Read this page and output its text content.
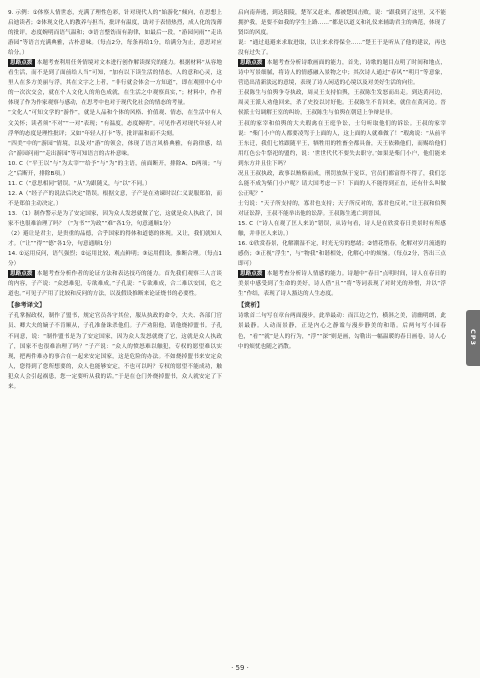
9. 示例：①体察人情世态，充满了理性色彩，针对现代人的“始游化”倾向，在思想上启迪读者；②体现文化人的教养与担当，批评有温度，助对于表情热烈，成人化的浅薄的批评，态度婉明而语气温和；③语言整饬而有韵律，如最后一段，“游园问雨”“走出游园”等语言充满典雅，古朴意味。（每点2分，每条再给1分，给满分为止，意思对应给分。）

思路点拨 本题考查利用任务情境对文本进行创作解读探究的能力。根据材料“从容地看生活，而不是到了面前给人当”可知，“加有以下读生活的情态，人的意和心灵，这里人在多方美丽与浮，其在文字之上者，“非行就会体会一方知道”，即在观照中心中的一次次交会，就在个人文化人的角色成就，在生活之中观察真实，”；材料中，作者体现了作为作家观察与感动，在思考中也对于现代化社会的情态的考量。

“文化人”可知文学的“游作”，就是人品和个体的风格、价值观、情态，在生活中有人文关怀；读者须“不对”“一对”表现；“有温度，态度婉明”。可见作者对现代年轻人对浮华的态度是理性批评；又如“年轻人打卡”等，批评温和而不尖刻。

“四美”中的“游园”情境，以及对“游”的领会，体现了语言风格典雅，有韵律感，结合“游园问雨”“走出游园”等可知语言的古朴意味。

10. C（“平王以”与“为太宰”“给予”与“为”的主语，前面断开，排除A、D两项；“与之”后断开，排除B项。）

11. C（“意思相同”错误。“从”为跟随义，与“以”不同。）

12. A（“经子产的说法后决定”错误。根据文意，子产是在劝谏时以仁义说服郑伯，而不是郑伯主动决定。）

13. （1）制作警示是为了安定国家，因为众人发怒就做了它，这就是众人执政了，国家不也很难治理了吗？（“为书”“为政”“难”各1分，句意通顺1分）

（2）避让是君主，是贵重的品德，合乎国家的得体和道德的体现。又让，我们就知人才。（“让”“得”“德”各1分，句意通顺1分）

14. ①运用反问，语气强烈；②运用比较，观点鲜明；③运用假设，推断合理。（每点1分）

思路点拨 本题考查分析作者的论证方法和表达技巧的能力。首先我们观察三人言谈的内容，子产说：“众怒难犯，专欲难成。”子孔说：“专欲难成，合二难以安国，危之道也。”可见子产用了比较和反问的方法，以及假设推断来论证烧书的必要性。

【参考译文】

子孔掌握政权，制作了盟书，规定官员各守其位，服从执政的命令，大夫、各部门官员、卿大夫的嫡子不肯顺从，子孔准备诛杀他们。子产劝阻他，请他烧掉盟书。子孔不同意，说：“制作盟书是为了安定国家，因为众人发怒就烧了它，这就是众人执政了，国家不也很难治理了吗？”子产说：“众人的愤怒难以触犯，专权的愿望难以实现，把两件难办的事合在一起来安定国家，这是危险的办法。不如烧掉盟书来安定众人，您得到了您所想要的，众人也能够安定，不也可以吗？专权的愿望不能成功，触犯众人会引起祸患，您一定要听从我的话。”于是在仓门外烧掉盟书，众人就安定了下来。

启向南奔逃，到达阳陵，楚军又赶来，都被楚国击败，说：“跟我到了这里，又不能拥护我，是要不如我的学生上路……”都是以道义和礼仪来辅助君主的典范，体现了贤臣的风度。

说：“通过退避来求取进取，以让来求得保全……”楚王于是听从了他的建议，再也没有过失了。

思路点拨 本题考查分析诗歌画面的能力，首先，诗歌的题目点明了时间和地点，诗中写景细腻，将诗人的情感融入景物之中；其次诗人通过“春风”“明月”等意象，营造出清新淡远的意境，表现了诗人闲适的心境以及对美好生活的向往。

王叔陈生与伯舆争夺执政，周灵王支持伯舆，王叔陈生发怒而出走。到达黄河边，周灵王派人劝他回来，杀了史狡以讨好他。王叔陈生不肯回来，就住在黄河边。晋侯派士匄调解王室的纠纷，王叔陈生与伯舆在朝廷上争辩是非。

王叔的家宰和伯舆的大夫瑕禽在王庭争讼，士匄听取他们的诉讼。王叔的家宰说：“柴门小户的人都要凌驾于上面的人，这上面的人就难做了！”瑕禽说：“从前平王东迁，我们七姓跟随平王，牺牲用的牲畜全都具备，天王依赖他们，而赐给他们用红色公牛祭祀的盟约，说：‘世世代代不要失去职守。’如果是柴门小户，他们能来到东方并且住下吗？

况且王叔执政，政事以贿赂而成，刑罚放纵于宠臣，官员们都富得不得了，我们怎么能不成为柴门小户呢？请大国考虑一下！下面的人不能得到正直，还有什么叫做公正呢？”

士匄说：“天子所支持的，寡君也支持；天子所反对的，寡君也反对。”让王叔和伯舆对证讼辞，王叔不能举出他的讼辞。王叔陈生逃亡到晋国。

15. C（“诗人在观了匡人来访”错误，从诗句看，诗人是在欣赏春日美景时有所感触，并非匡人来访。）

16. ①欣赏春景，化解潮湿不定，时光无穷的愁绪；②惜花惜春，化解对岁月流逝的感伤；③正视“浮生”，与“物我”和谐相处，化解心中的烦恼。（每点2分，答出三点即可）

思路点拨 本题考查分析诗人情感的能力。诗题中“春日”点明时间，诗人在春日的美景中感受到了生命的美好，诗人借“且”“将”等词表现了对时光的珍惜，并以“浮生”作结，表现了诗人豁达的人生态度。

【赏析】

诗歌首二句写在章台两面漫步，此举最动：而江边之竹，横斜之美，清幽明朗，此景最静。人动而景静，正是内心之静谧与漫步静美的和谐。后两句写小园春色，“看”“就”是人的行为，“浮”“深”则是画，勾勒出一幅温暖的春日画卷，诗人心中的烦忧也随之消散。

CP3
· 59 ·
